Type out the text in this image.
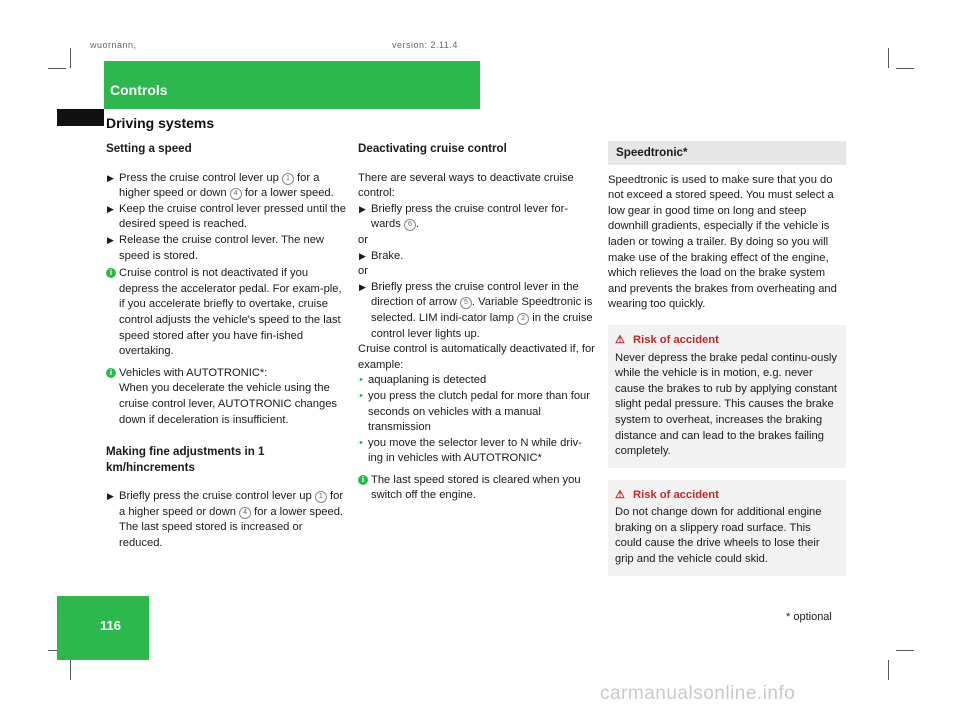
wuornann,	version: 2.11.4
Controls
Driving systems
Setting a speed
▶ Press the cruise control lever up 1 for a higher speed or down 4 for a lower speed.
▶ Keep the cruise control lever pressed until the desired speed is reached.
▶ Release the cruise control lever. The new speed is stored.
i Cruise control is not deactivated if you depress the accelerator pedal. For exam-ple, if you accelerate briefly to overtake, cruise control adjusts the vehicle's speed to the last speed stored after you have fin-ished overtaking.
i Vehicles with AUTOTRONIC*:
When you decelerate the vehicle using the cruise control lever, AUTOTRONIC changes down if deceleration is insufficient.
Making fine adjustments in 1 km/hincrements
▶ Briefly press the cruise control lever up 1 for a higher speed or down 4 for a lower speed. The last speed stored is increased or reduced.
Deactivating cruise control
There are several ways to deactivate cruise control:
▶ Briefly press the cruise control lever for-wards 6 .
or
▶ Brake.
or
▶ Briefly press the cruise control lever in the direction of arrow 5 . Variable Speedtronic is selected. LIM indi-cator lamp 2 in the cruise control lever lights up.
Cruise control is automatically deactivated if, for example:
• aquaplaning is detected
• you press the clutch pedal for more than four seconds on vehicles with a manual transmission
• you move the selector lever to N while driv-ing in vehicles with AUTOTRONIC*
i The last speed stored is cleared when you switch off the engine.
Speedtronic*
Speedtronic is used to make sure that you do not exceed a stored speed. You must select a low gear in good time on long and steep downhill gradients, especially if the vehicle is laden or towing a trailer. By doing so you will make use of the braking effect of the engine, which relieves the load on the brake system and prevents the brakes from overheating and wearing too quickly.
⚠ Risk of accident
Never depress the brake pedal continu-ously while the vehicle is in motion, e.g. never cause the brakes to rub by applying constant slight pedal pressure. This causes the brake system to overheat, increases the braking distance and can lead to the brakes failing completely.
⚠ Risk of accident
Do not change down for additional engine braking on a slippery road surface. This could cause the drive wheels to lose their grip and the vehicle could skid.
116
* optional
carmanualsonline.info
